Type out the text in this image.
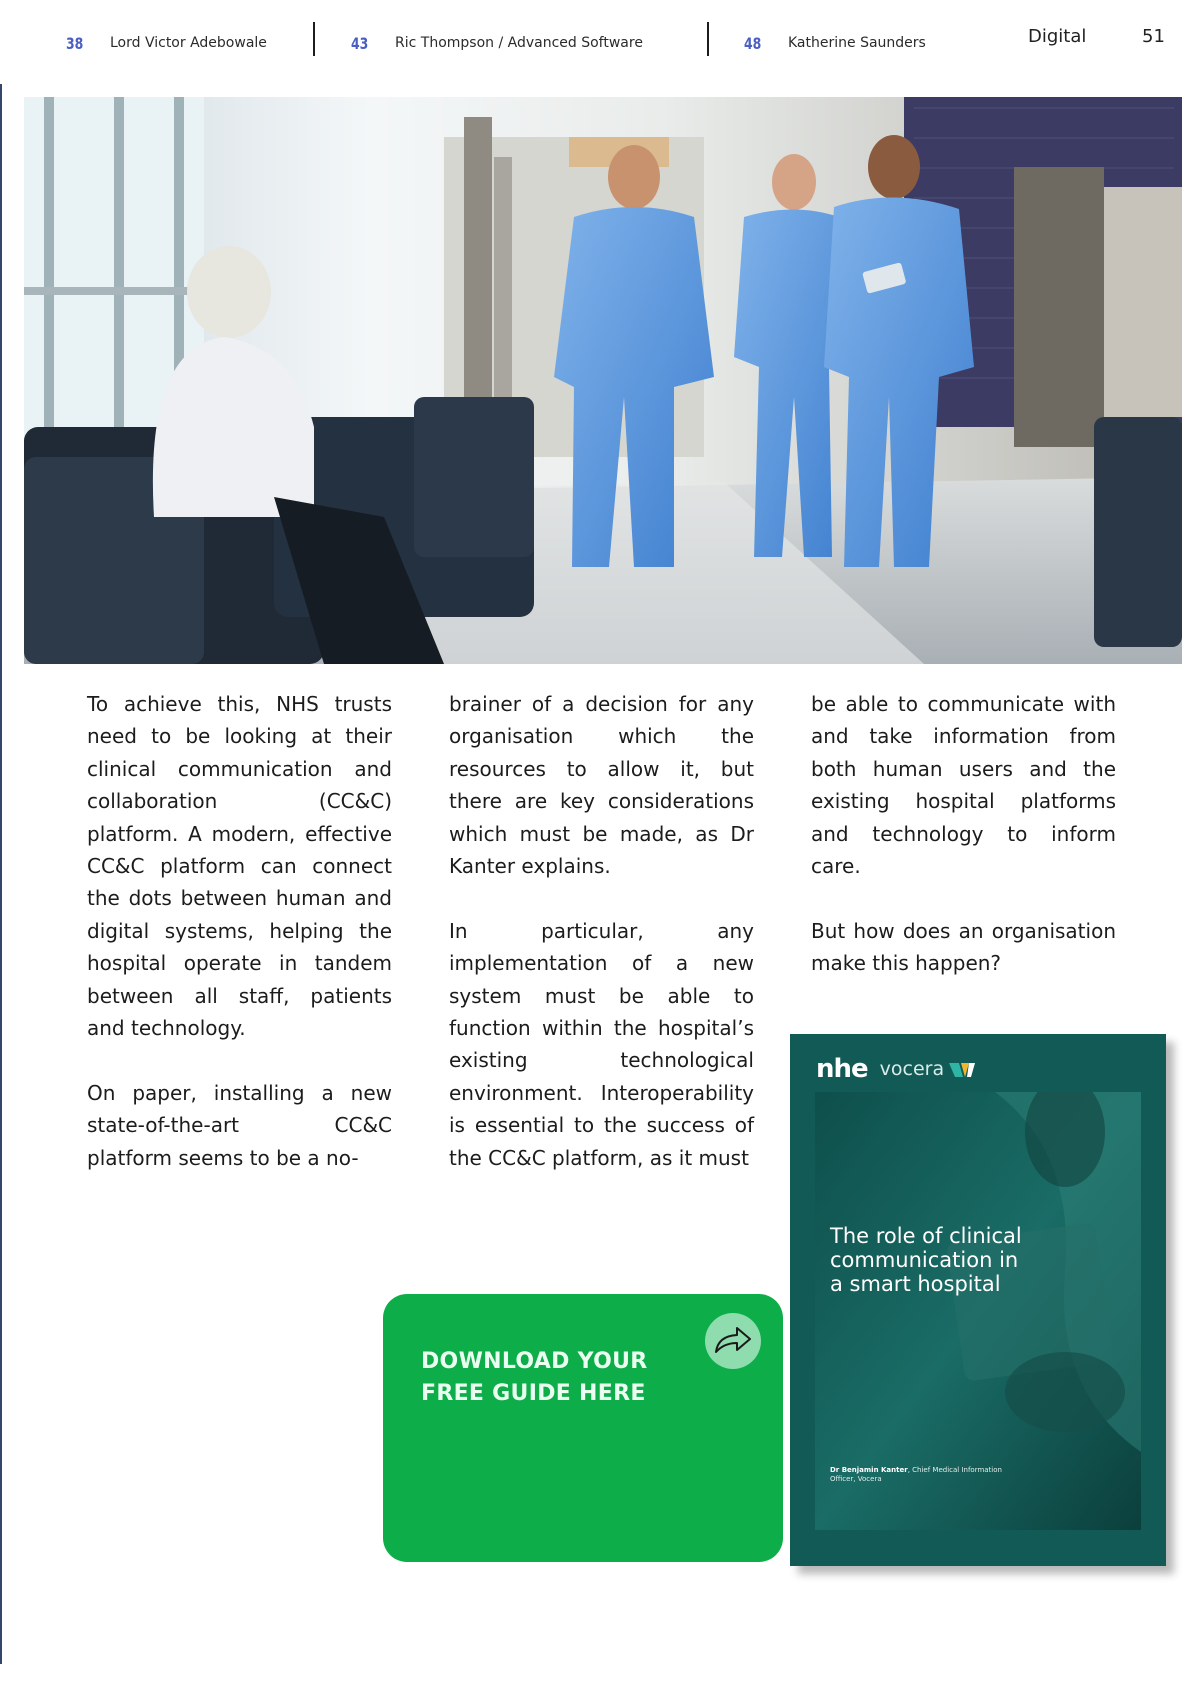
38	Lord Victor Adebowale	43	Ric Thompson / Advanced Software	48	Katherine Saunders	Digital	51

To achieve this, NHS trusts need to be looking at their clinical communication and collaboration (CC&C) platform. A modern, effective CC&C platform can connect the dots between human and digital systems, helping the hospital operate in tandem between all staff, patients and technology.

On paper, installing a new state-of-the-art CC&C platform seems to be a no-

brainer of a decision for any organisation which the resources to allow it, but there are key considerations which must be made, as Dr Kanter explains.

In particular, any implementation of a new system must be able to function within the hospital’s existing technological environment. Interoperability is essential to the success of the CC&C platform, as it must

be able to communicate with and take information from both human users and the existing hospital platforms and technology to inform care.

But how does an organisation make this happen?

DOWNLOAD YOUR
FREE GUIDE HERE
nhe vocera
The role of clinical
communication in
a smart hospital
Dr Benjamin Kanter, Chief Medical Information Officer, Vocera
